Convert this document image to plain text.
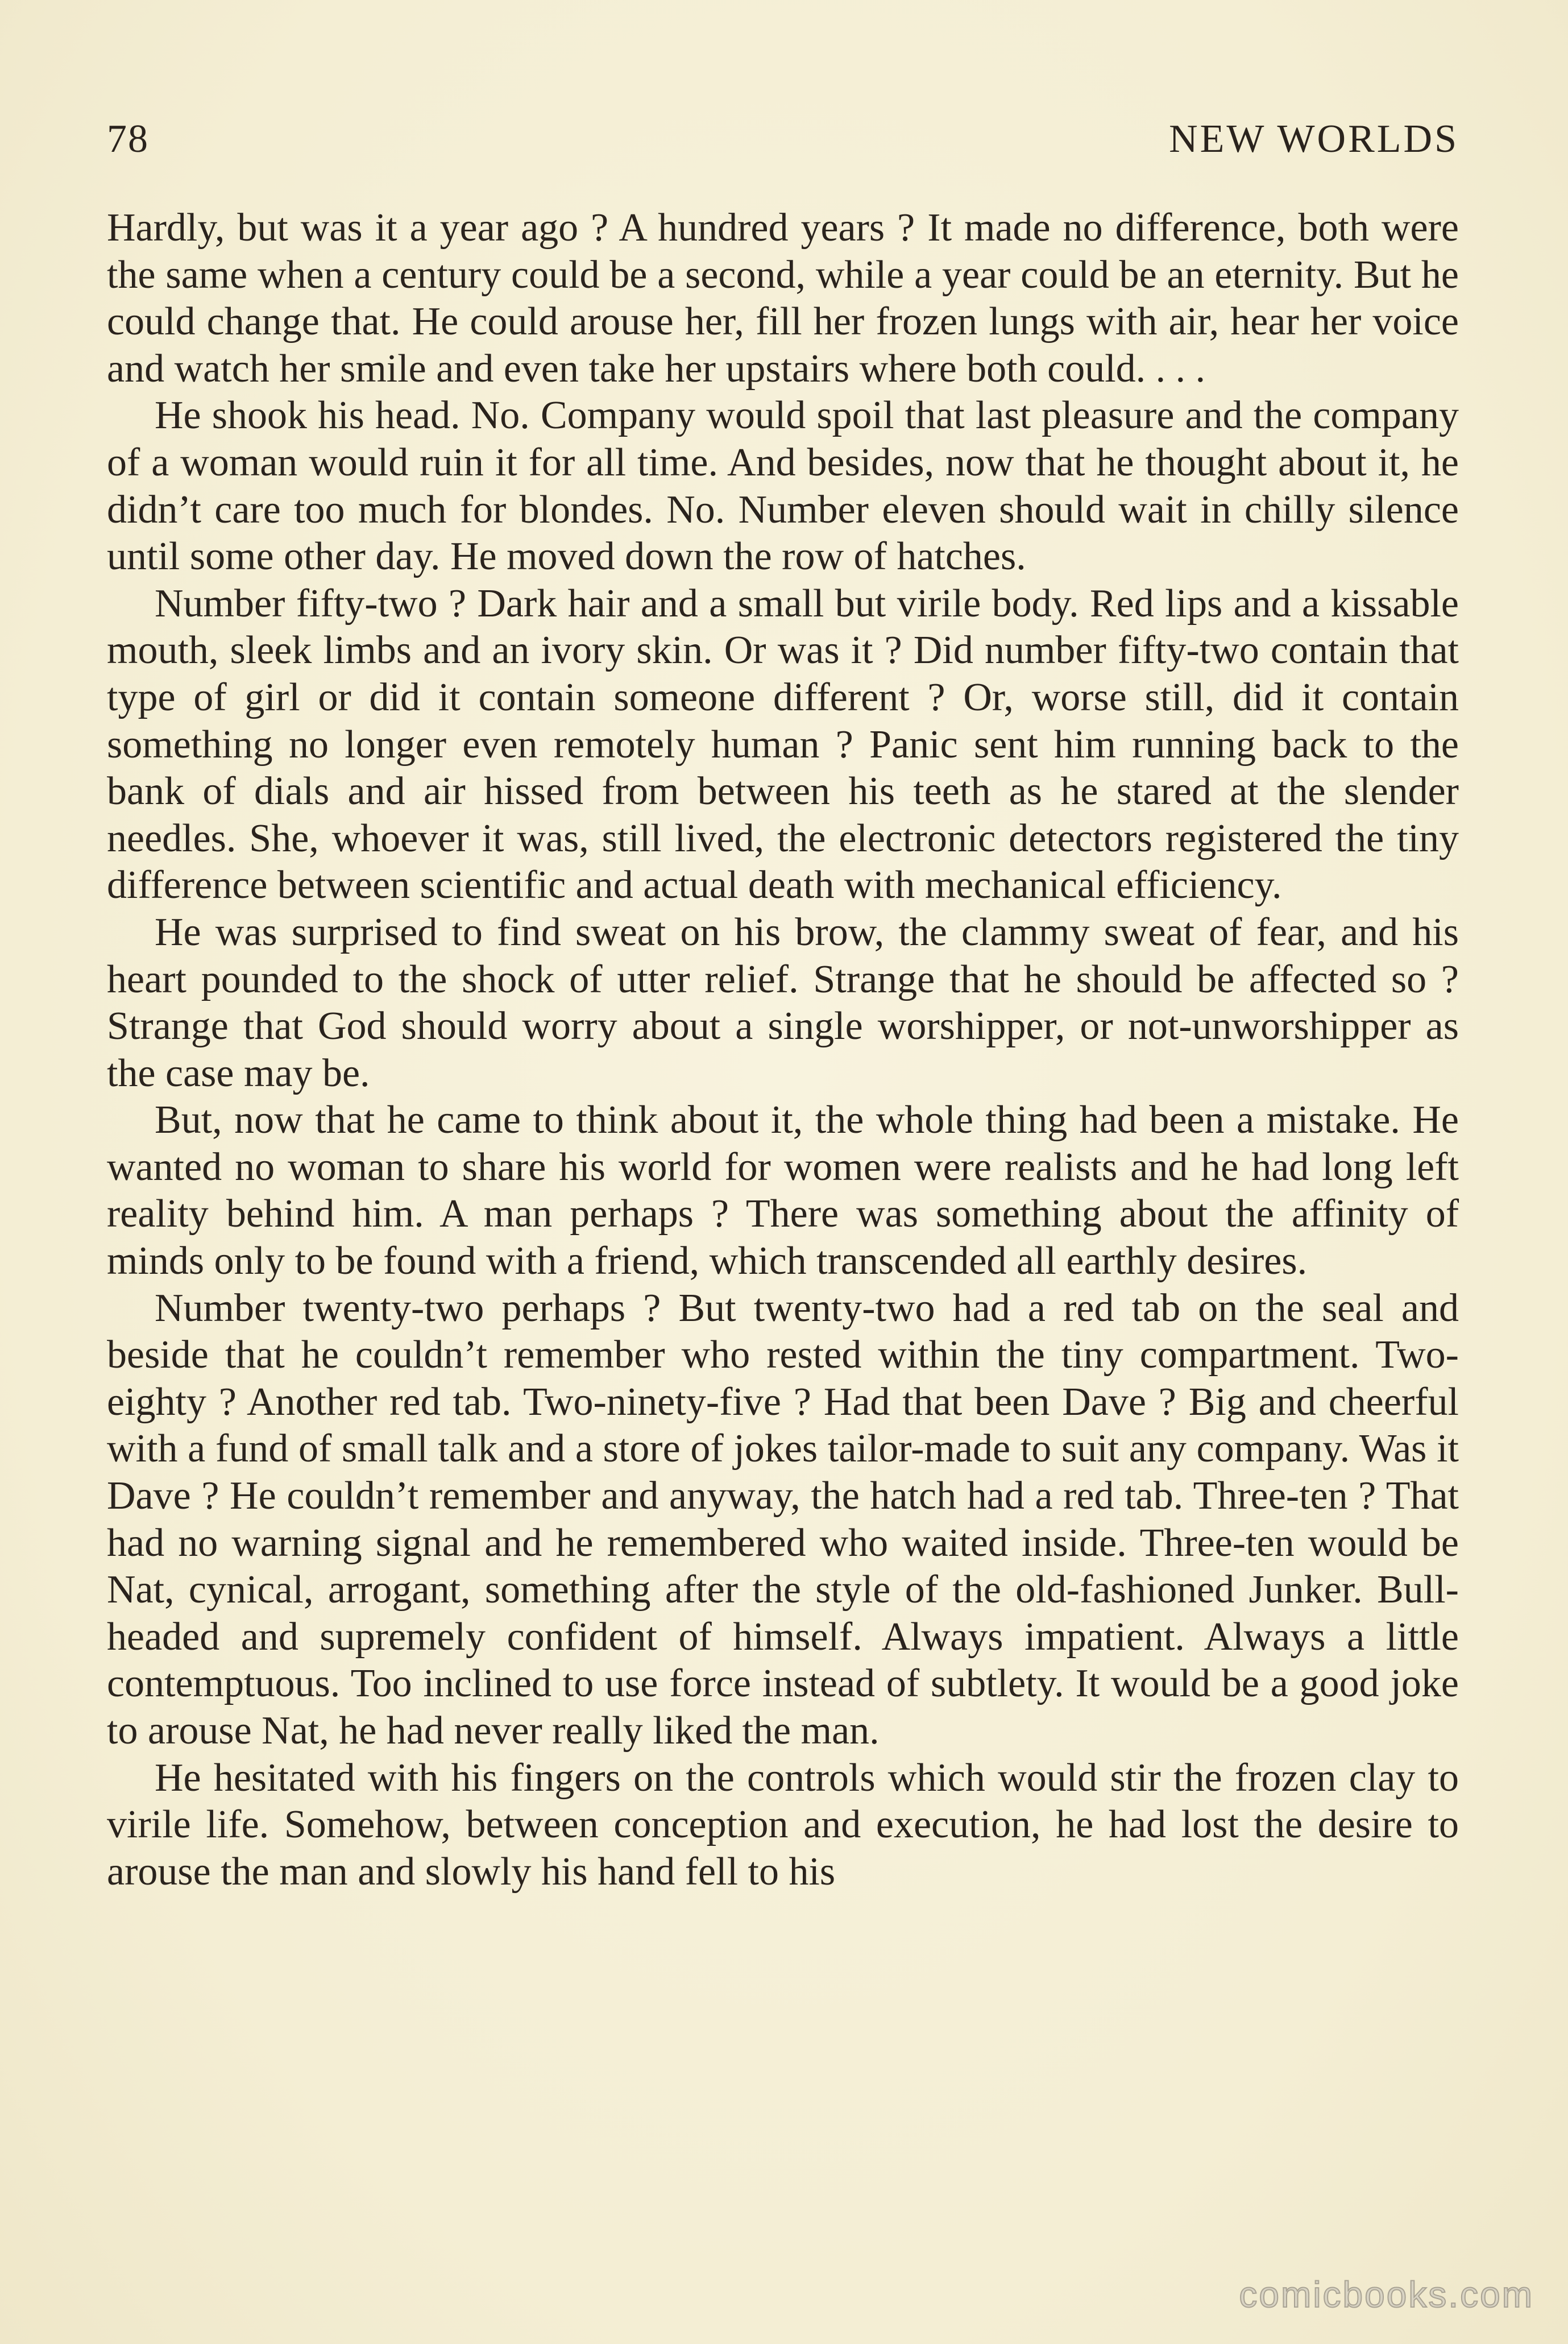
78	NEW WORLDS

Hardly, but was it a year ago ? A hundred years ? It made no difference, both were the same when a century could be a second, while a year could be an eternity. But he could change that. He could arouse her, fill her frozen lungs with air, hear her voice and watch her smile and even take her upstairs where both could. . . .

He shook his head. No. Company would spoil that last pleasure and the company of a woman would ruin it for all time. And besides, now that he thought about it, he didn’t care too much for blondes. No. Number eleven should wait in chilly silence until some other day. He moved down the row of hatches.

Number fifty-two ? Dark hair and a small but virile body. Red lips and a kissable mouth, sleek limbs and an ivory skin. Or was it ? Did number fifty-two contain that type of girl or did it contain someone different ? Or, worse still, did it contain something no longer even remotely human ? Panic sent him running back to the bank of dials and air hissed from between his teeth as he stared at the slender needles. She, whoever it was, still lived, the electronic detectors registered the tiny difference between scientific and actual death with mechanical efficiency.

He was surprised to find sweat on his brow, the clammy sweat of fear, and his heart pounded to the shock of utter relief. Strange that he should be affected so ? Strange that God should worry about a single worshipper, or not-unworshipper as the case may be.

But, now that he came to think about it, the whole thing had been a mistake. He wanted no woman to share his world for women were realists and he had long left reality behind him. A man perhaps ? There was something about the affinity of minds only to be found with a friend, which transcended all earthly desires.

Number twenty-two perhaps ? But twenty-two had a red tab on the seal and beside that he couldn’t remember who rested within the tiny compartment. Two-eighty ? Another red tab. Two-ninety-five ? Had that been Dave ? Big and cheerful with a fund of small talk and a store of jokes tailor-made to suit any company. Was it Dave ? He couldn’t remember and anyway, the hatch had a red tab. Three-ten ? That had no warning signal and he remembered who waited inside. Three-ten would be Nat, cynical, arrogant, something after the style of the old-fashioned Junker. Bull-headed and supremely confident of himself. Always impatient. Always a little contemptuous. Too inclined to use force instead of subtlety. It would be a good joke to arouse Nat, he had never really liked the man.

He hesitated with his fingers on the controls which would stir the frozen clay to virile life. Somehow, between conception and execution, he had lost the desire to arouse the man and slowly his hand fell to his

comicbooks.com
